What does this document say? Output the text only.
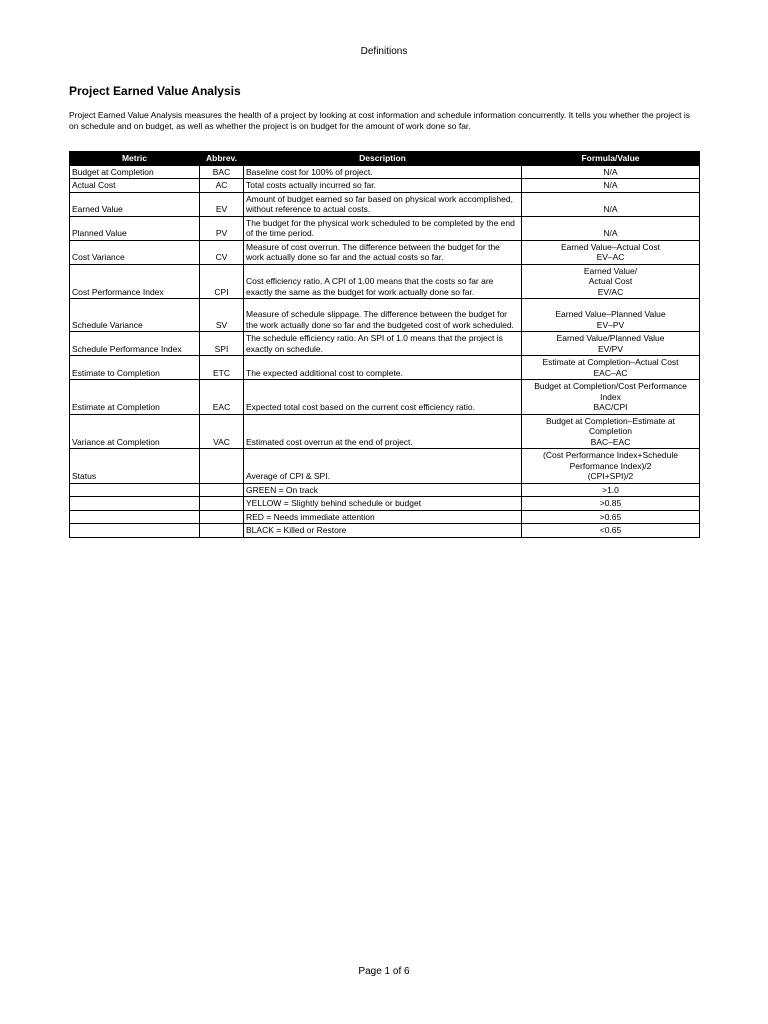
Definitions
Project Earned Value Analysis

Project Earned Value Analysis measures the health of a project by looking at cost information and schedule information concurrently. It tells you whether the project is on schedule and on budget, as well as whether the project is on budget for the amount of work done so far.

Metric	Abbrev.	Description	Formula/Value
Budget at Completion	BAC	Baseline cost for 100% of project.	N/A
Actual Cost	AC	Total costs actually incurred so far.	N/A
Earned Value	EV	Amount of budget earned so far based on physical work accomplished, without reference to actual costs.	N/A
Planned Value	PV	The budget for the physical work scheduled to be completed by the end of the time period.	N/A
Cost Variance	CV	Measure of cost overrun. The difference between the budget for the work actually done so far and the actual costs so far.	Earned Value–Actual Cost
EV–AC
Cost Performance Index	CPI	Cost efficiency ratio. A CPI of 1.00 means that the costs so far are exactly the same as the budget for work actually done so far.	Earned Value/
Actual Cost
EV/AC
Schedule Variance	SV	Measure of schedule slippage. The difference between the budget for the work actually done so far and the budgeted cost of work scheduled.	Earned Value–Planned Value
EV–PV
Schedule Performance Index	SPI	The schedule efficiency ratio. An SPI of 1.0 means that the project is exactly on schedule.	Earned Value/Planned Value
EV/PV
Estimate to Completion	ETC	The expected additional cost to complete.	Estimate at Completion–Actual Cost
EAC–AC
Estimate at Completion	EAC	Expected total cost based on the current cost efficiency ratio.	Budget at Completion/Cost Performance Index
BAC/CPI
Variance at Completion	VAC	Estimated cost overrun at the end of project.	Budget at Completion–Estimate at Completion
BAC–EAC
Status		Average of CPI & SPI.	(Cost Performance Index+Schedule Performance Index)/2
(CPI+SPI)/2
		GREEN = On track	>1.0
		YELLOW = Slightly behind schedule or budget	>0.85
		RED = Needs immediate attention	>0.65
		BLACK = Killed or Restore	<0.65
Page 1 of 6
